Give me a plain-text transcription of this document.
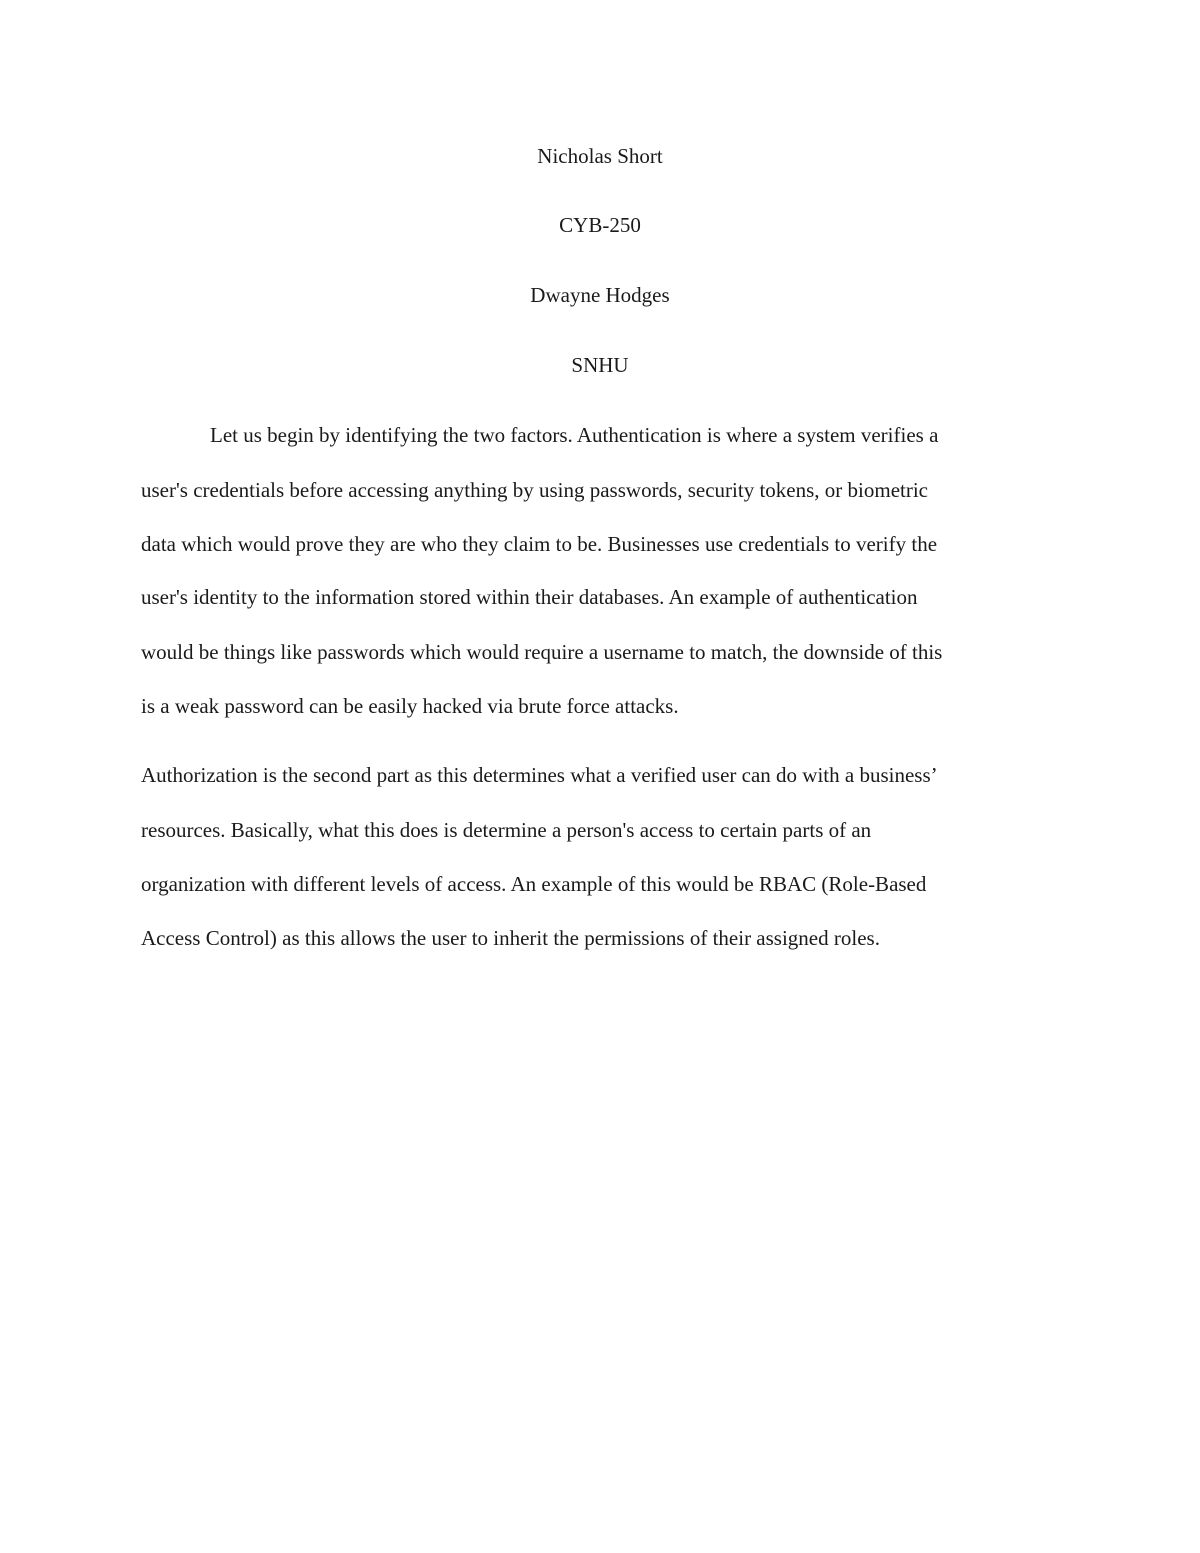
Nicholas Short
CYB-250
Dwayne Hodges
SNHU
Let us begin by identifying the two factors. Authentication is where a system verifies a
user's credentials before accessing anything by using passwords, security tokens, or biometric
data which would prove they are who they claim to be. Businesses use credentials to verify the
user's identity to the information stored within their databases. An example of authentication
would be things like passwords which would require a username to match, the downside of this
is a weak password can be easily hacked via brute force attacks.
Authorization is the second part as this determines what a verified user can do with a business’
resources. Basically, what this does is determine a person's access to certain parts of an
organization with different levels of access. An example of this would be RBAC (Role-Based
Access Control) as this allows the user to inherit the permissions of their assigned roles.
